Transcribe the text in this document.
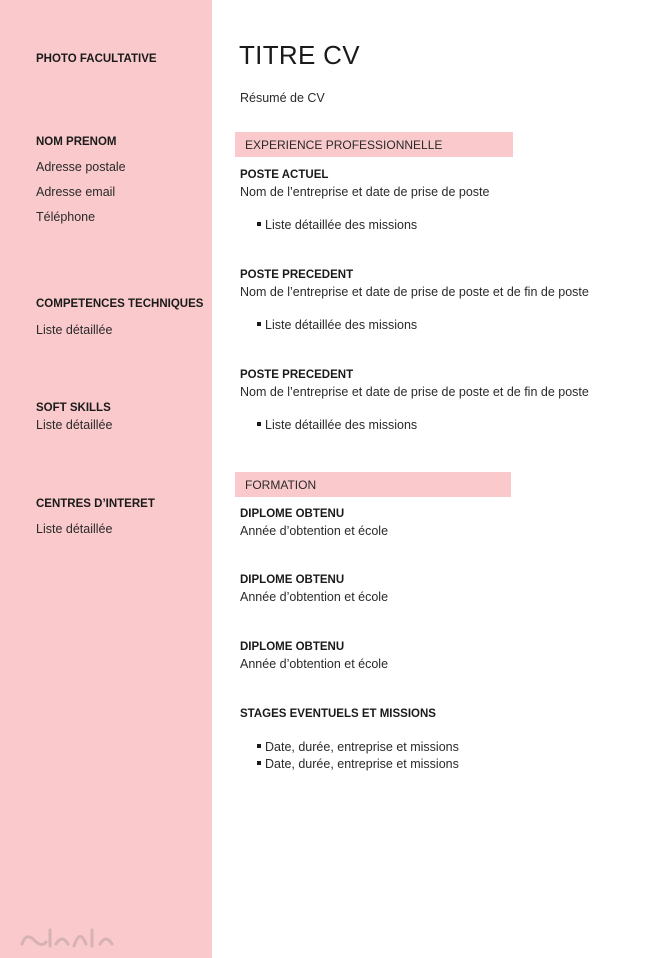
PHOTO FACULTATIVE
NOM PRENOM
Adresse postale
Adresse email
Téléphone
COMPETENCES TECHNIQUES
Liste détaillée
SOFT SKILLS
Liste détaillée
CENTRES D’INTERET
Liste détaillée
TITRE CV
Résumé de CV
EXPERIENCE PROFESSIONNELLE
POSTE ACTUEL
Nom de l’entreprise et date de prise de poste
Liste détaillée des missions
POSTE PRECEDENT
Nom de l’entreprise et date de prise de poste et de fin de poste
Liste détaillée des missions
POSTE PRECEDENT
Nom de l’entreprise et date de prise de poste et de fin de poste
Liste détaillée des missions
FORMATION
DIPLOME OBTENU
Année d’obtention et école
DIPLOME OBTENU
Année d’obtention et école
DIPLOME OBTENU
Année d’obtention et école
STAGES EVENTUELS ET MISSIONS
Date, durée, entreprise et missions
Date, durée, entreprise et missions
